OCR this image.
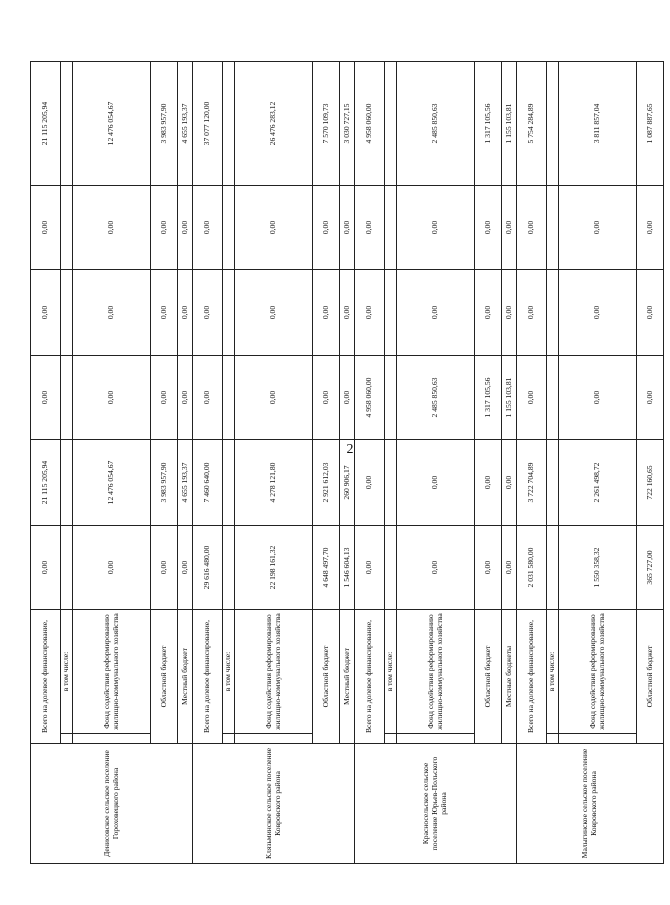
2
Денисовское сельское поселение Гороховецкого района	Всего на долевое финансирование,		0,00	21 115 205,94	0,00	0,00	0,00	21 115 205,94
		в том числе:						
		Фонд содействия реформированию жилищно-коммунального хозяйства	0,00	12 476 054,67	0,00	0,00	0,00	12 476 054,67
	Областной бюджет		0,00	3 983 957,90	0,00	0,00	0,00	3 983 957,90
	Местный бюджет		0,00	4 655 193,37	0,00	0,00	0,00	4 655 193,37
Клязьминское сельское поселение Ковровского района	Всего на долевое финансирование,		29 616 480,00	7 460 640,00	0,00	0,00	0,00	37 077 120,00
		в том числе:						
		Фонд содействия реформированию жилищно-коммунального хозяйства	22 198 161,32	4 278 121,80	0,00	0,00	0,00	26 476 283,12
	Областной бюджет		4 648 497,70	2 921 612,03	0,00	0,00	0,00	7 570 109,73
	Местный бюджет		1 546 604,13	260 906,17	0,00	0,00	0,00	3 030 727,15
Красносельское сельское поселение Юрьев-Польского района	Всего на долевое финансирование,		0,00	0,00	4 958 060,00	0,00	0,00	4 958 060,00
		в том числе:						
		Фонд содействия реформированию жилищно-коммунального хозяйства	0,00	0,00	2 485 850,63	0,00	0,00	2 485 850,63
	Областной бюджет		0,00	0,00	1 317 105,56	0,00	0,00	1 317 105,56
	Местные бюджеты		0,00	0,00	1 155 103,81	0,00	0,00	1 155 103,81
Малыгинское сельское поселение Ковровского района	Всего на долевое финансирование,		2 031 580,00	3 722 704,89	0,00	0,00	0,00	5 754 284,89
		в том числе:						
		Фонд содействия реформированию жилищно-коммунального хозяйства	1 550 358,32	2 261 498,72	0,00	0,00	0,00	3 811 857,04
	Областной бюджет		365 727,00	722 160,65	0,00	0,00	0,00	1 087 887,65
